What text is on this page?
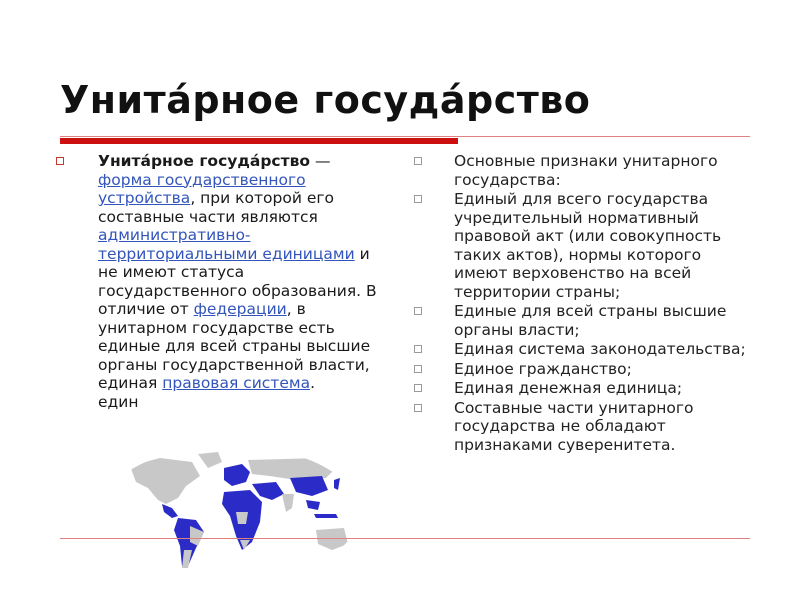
Унита́рное госуда́рство

Унита́рное госуда́рство — форма государственного устройства, при которой его составные части являются административно-территориальными единицами и не имеют статуса государственного образования. В отличие от федерации, в унитарном государстве есть единые для всей страны высшие органы государственной власти, единая правовая система.
един

Основные признаки унитарного государства:
Единый для всего государства учредительный нормативный правовой акт (или совокупность таких актов), нормы которого имеют верховенство на всей территории страны;
Единые для всей страны высшие органы власти;
Единая система законодательства;
Единое гражданство;
Единая денежная единица;
Составные части унитарного государства не обладают признаками суверенитета.
